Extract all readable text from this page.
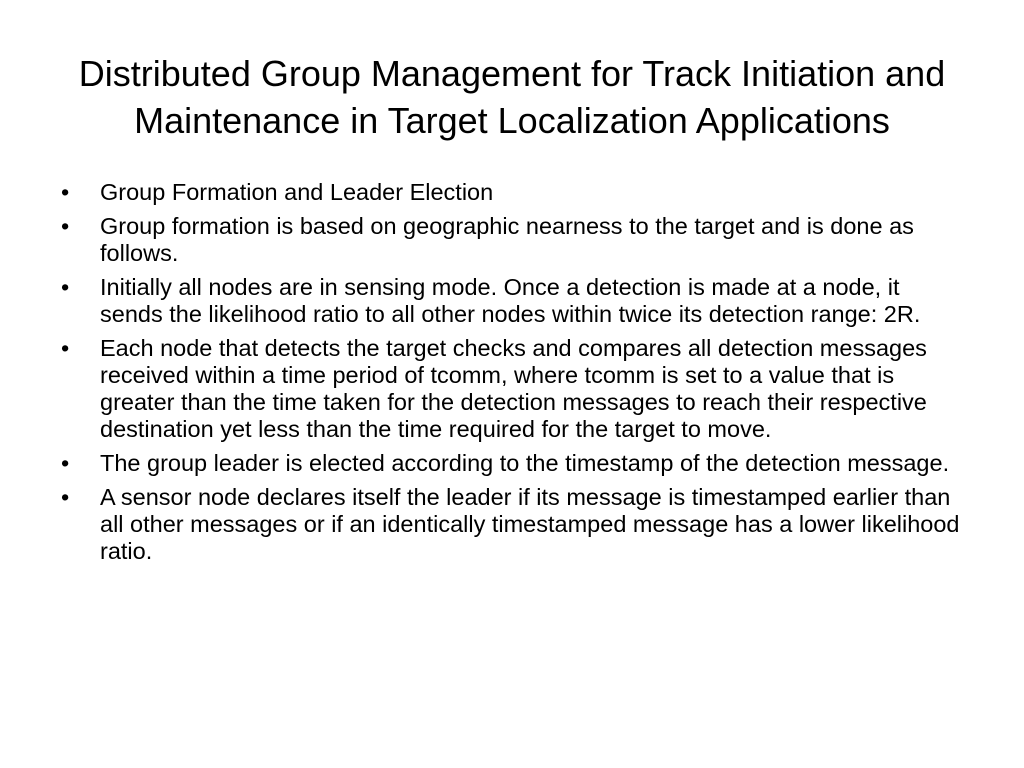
Distributed Group Management for Track Initiation and Maintenance in Target Localization Applications
•	Group Formation and Leader Election
•	Group formation is based on geographic nearness to the target and is done as follows.
•	Initially all nodes are in sensing mode. Once a detection is made at a node, it sends the likelihood ratio to all other nodes within twice its detection range: 2R.
•	Each node that detects the target checks and compares all detection messages received within a time period of tcomm, where tcomm is set to a value that is greater than the time taken for the detection messages to reach their respective destination yet less than the time required for the target to move.
•	The group leader is elected according to the timestamp of the detection message.
•	A sensor node declares itself the leader if its message is timestamped earlier than all other messages or if an identically timestamped message has a lower likelihood ratio.
